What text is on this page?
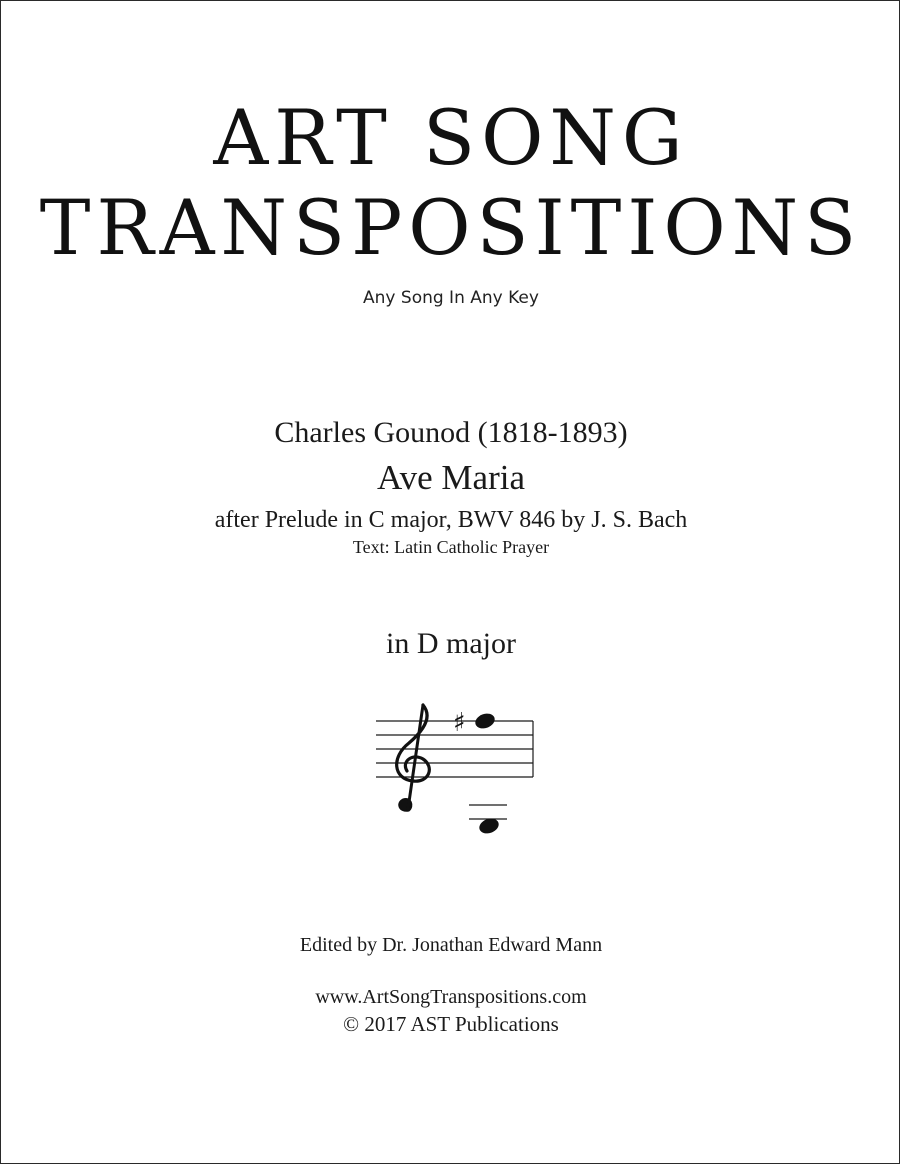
ART SONG
TRANSPOSITIONS
Any Song In Any Key
Charles Gounod (1818-1893)
Ave Maria
after Prelude in C major, BWV 846 by J. S. Bach
Text: Latin Catholic Prayer
in D major
♯
Edited by Dr. Jonathan Edward Mann
www.ArtSongTranspositions.com
© 2017 AST Publications
